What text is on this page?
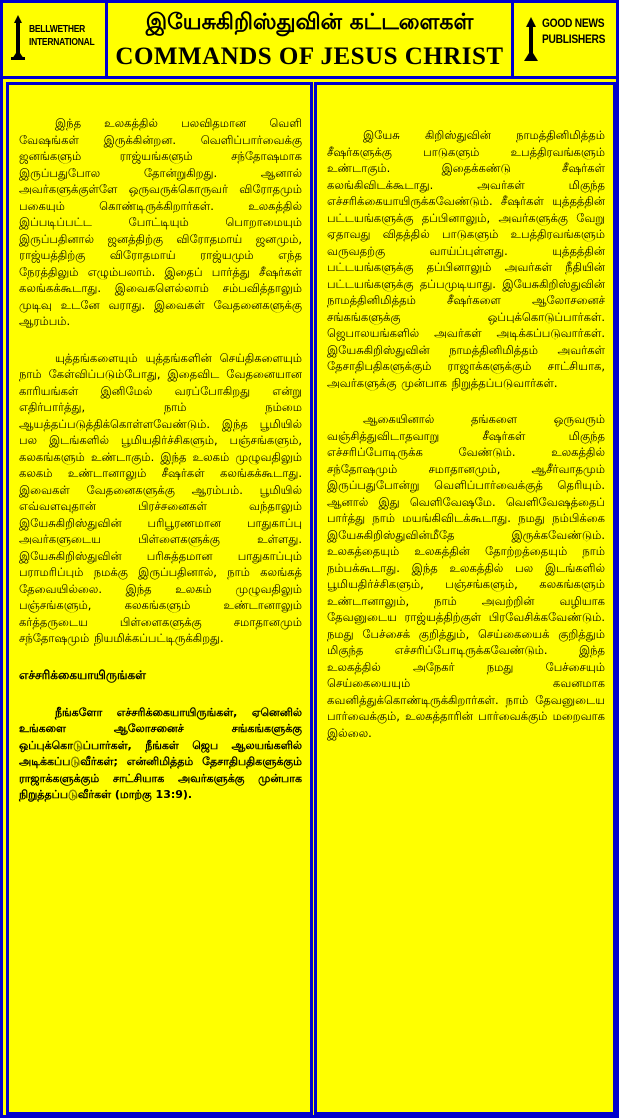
BELLWETHER
INTERNATIONAL
இயேசுகிறிஸ்துவின் கட்டளைகள்
COMMANDS OF JESUS CHRIST
GOOD NEWS
PUBLISHERS

இந்த உலகத்தில் பலவிதமான வெளி வேஷங்கள் இருக்கின்றன. வெளிப்பார்வைக்கு ஜனங்களும் ராஜ்யங்களும் சந்தோஷமாக இருப்பதுபோல தோன்றுகிறது. ஆனால் அவர்களுக்குள்ளே ஒருவருக்கொருவர் விரோதமும் பகையும் கொண்டிருக்கிறார்கள். உலகத்தில் இப்படிப்பட்ட போட்டியும் பொறாமையும் இருப்பதினால் ஜனத்திற்கு விரோதமாய் ஜனமும், ராஜ்யத்திற்கு விரோதமாய் ராஜ்யமும் எந்த நேரத்திலும் எழும்பலாம். இதைப் பார்த்து சீஷர்கள் கலங்கக்கூடாது. இவைகளெல்லாம் சம்பவித்தாலும் முடிவு உடனே வராது. இவைகள் வேதனைகளுக்கு ஆரம்பம்.

யுத்தங்களையும் யுத்தங்களின் செய்திகளையும் நாம் கேள்விப்படும்போது, இதைவிட வேதனையான காரியங்கள் இனிமேல் வரப்போகிறது என்று எதிர்பார்த்து, நாம் நம்மை ஆயத்தப்படுத்திக்கொள்ளவேண்டும். இந்த பூமியில் பல இடங்களில் பூமியதிர்ச்சிகளும், பஞ்சங்களும், கலகங்களும் உண்டாகும். இந்த உலகம் முழுவதிலும் கலகம் உண்டானாலும் சீஷர்கள் கலங்கக்கூடாது. இவைகள் வேதனைகளுக்கு ஆரம்பம். பூமியில் எவ்வளவுதான் பிரச்சனைகள் வந்தாலும் இயேசுகிறிஸ்துவின் பரிபூரணமான பாதுகாப்பு அவர்களுடைய பிள்ளைகளுக்கு உள்ளது. இயேசுகிறிஸ்துவின் பரிசுத்தமான பாதுகாப்பும் பராமரிப்பும் நமக்கு இருப்பதினால், நாம் கலங்கத் தேவையில்லை. இந்த உலகம் முழுவதிலும் பஞ்சங்களும், கலகங்களும் உண்டானாலும் கர்த்தருடைய பிள்ளைகளுக்கு சமாதானமும் சந்தோஷமும் நியமிக்கப்பட்டிருக்கிறது.

எச்சரிக்கையாயிருங்கள்

நீங்களோ எச்சரிக்கையாயிருங்கள், ஏனெனில் உங்களை ஆலோசனைச் சங்கங்களுக்கு ஒப்புக்கொடுப்பார்கள், நீங்கள் ஜெப ஆலயங்களில் அடிக்கப்படுவீர்கள்; என்னிமித்தம் தேசாதிபதிகளுக்கும் ராஜாக்களுக்கும் சாட்சியாக அவர்களுக்கு முன்பாக நிறுத்தப்படுவீர்கள் (மாற்கு 13:9).

இயேசு கிறிஸ்துவின் நாமத்தினிமித்தம் சீஷர்களுக்கு பாடுகளும் உபத்திரவங்களும் உண்டாகும். இதைக்கண்டு சீஷர்கள் கலங்கிவிடக்கூடாது. அவர்கள் மிகுந்த எச்சரிக்கையாயிருக்கவேண்டும். சீஷர்கள் யுத்தத்தின் பட்டயங்களுக்கு தப்பினாலும், அவர்களுக்கு வேறு ஏதாவது விதத்தில் பாடுகளும் உபத்திரவங்களும் வருவதற்கு வாய்ப்புள்ளது. யுத்தத்தின் பட்டயங்களுக்கு தப்பினாலும் அவர்கள் நீதியின் பட்டயங்களுக்கு தப்பமுடியாது. இயேசுகிறிஸ்துவின் நாமத்தினிமித்தம் சீஷர்களை ஆலோசனைச் சங்கங்களுக்கு ஒப்புக்கொடுப்பார்கள். ஜெபாலயங்களில் அவர்கள் அடிக்கப்படுவார்கள். இயேசுகிறிஸ்துவின் நாமத்தினிமித்தம் அவர்கள் தேசாதிபதிகளுக்கும் ராஜாக்களுக்கும் சாட்சியாக, அவர்களுக்கு முன்பாக நிறுத்தப்படுவார்கள்.

ஆகையினால் தங்களை ஒருவரும் வஞ்சித்துவிடாதவாறு சீஷர்கள் மிகுந்த எச்சரிப்போடிருக்க வேண்டும். உலகத்தில் சந்தோஷமும் சமாதானமும், ஆசீர்வாதமும் இருப்பதுபோன்று வெளிப்பார்வைக்குத் தெரியும். ஆனால் இது வெளிவேஷமே. வெளிவேஷத்தைப் பார்த்து நாம் மயங்கிவிடக்கூடாது. நமது நம்பிக்கை இயேசுகிறிஸ்துவின்மீதே இருக்கவேண்டும். உலகத்தையும் உலகத்தின் தோற்றத்தையும் நாம் நம்பக்கூடாது. இந்த உலகத்தில் பல இடங்களில் பூமியதிர்ச்சிகளும், பஞ்சங்களும், கலகங்களும் உண்டானாலும், நாம் அவற்றின் வழியாக தேவனுடைய ராஜ்யத்திற்குள் பிரவேசிக்கவேண்டும். நமது பேச்சைக் குறித்தும், செய்கையைக் குறித்தும் மிகுந்த எச்சரிப்போடிருக்கவேண்டும். இந்த உலகத்தில் அநேகர் நமது பேச்சையும் செய்கையையும் கவனமாக கவனித்துக்கொண்டிருக்கிறார்கள். நாம் தேவனுடைய பார்வைக்கும், உலகத்தாரின் பார்வைக்கும் மறைவாக இல்லை.
